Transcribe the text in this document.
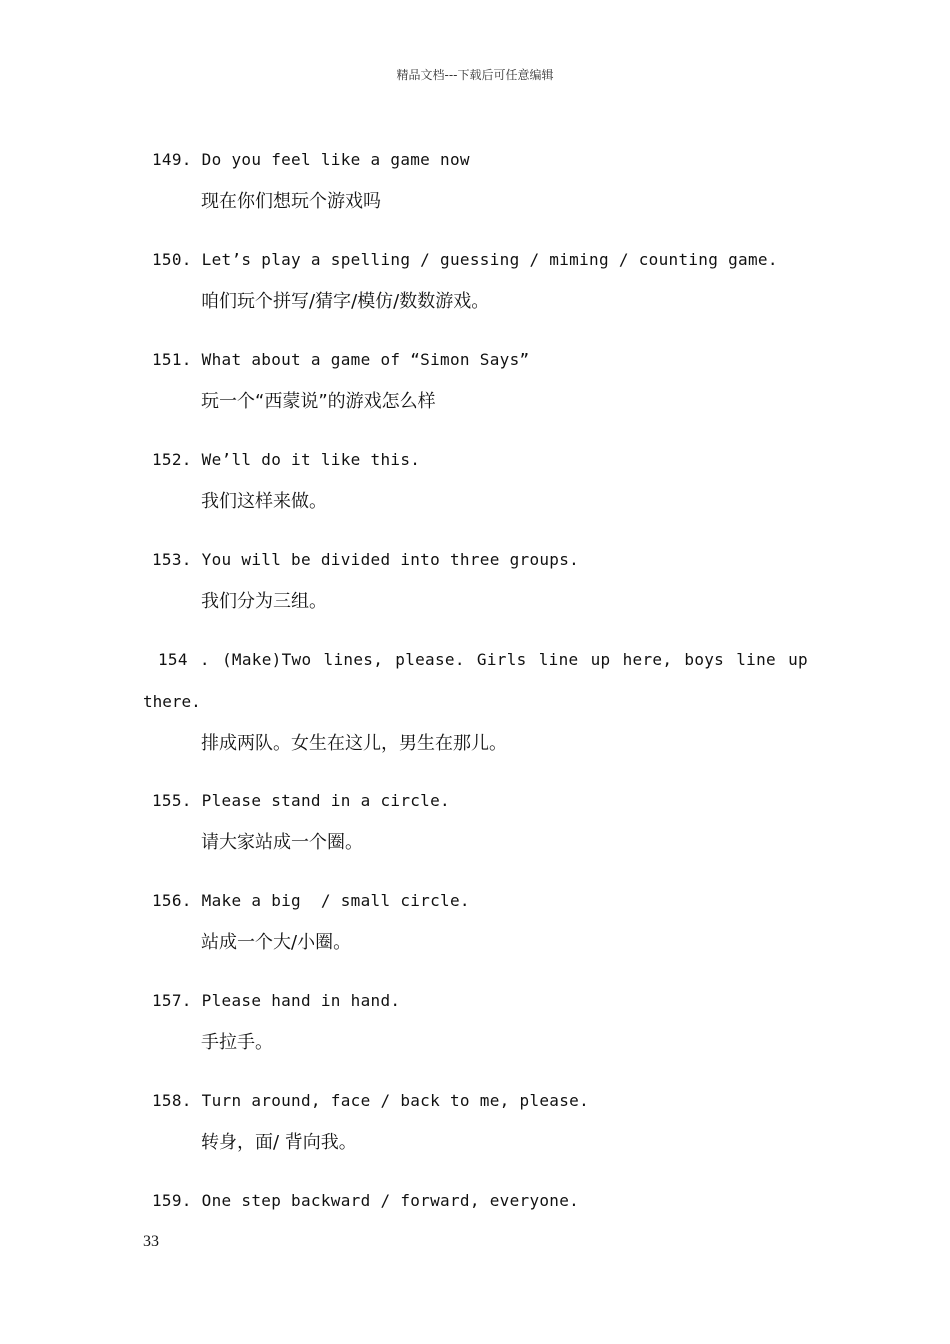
精品文档---下载后可任意编辑
149. Do you feel like a game now
现在你们想玩个游戏吗
150. Let’s play a spelling / guessing / miming / counting game.
咱们玩个拼写/猜字/模仿/数数游戏。
151. What about a game of “Simon Says”
玩一个“西蒙说”的游戏怎么样
152. We’ll do it like this.
我们这样来做。
153. You will be divided into three groups.
我们分为三组。
154 . (Make)Two lines, please. Girls line up here, boys line up
there.
排成两队。女生在这儿，男生在那儿。
155. Please stand in a circle.
请大家站成一个圈。
156. Make a big  / small circle.
站成一个大/小圈。
157. Please hand in hand.
手拉手。
158. Turn around, face / back to me, please.
转身，面/ 背向我。
159. One step backward / forward, everyone.
33
